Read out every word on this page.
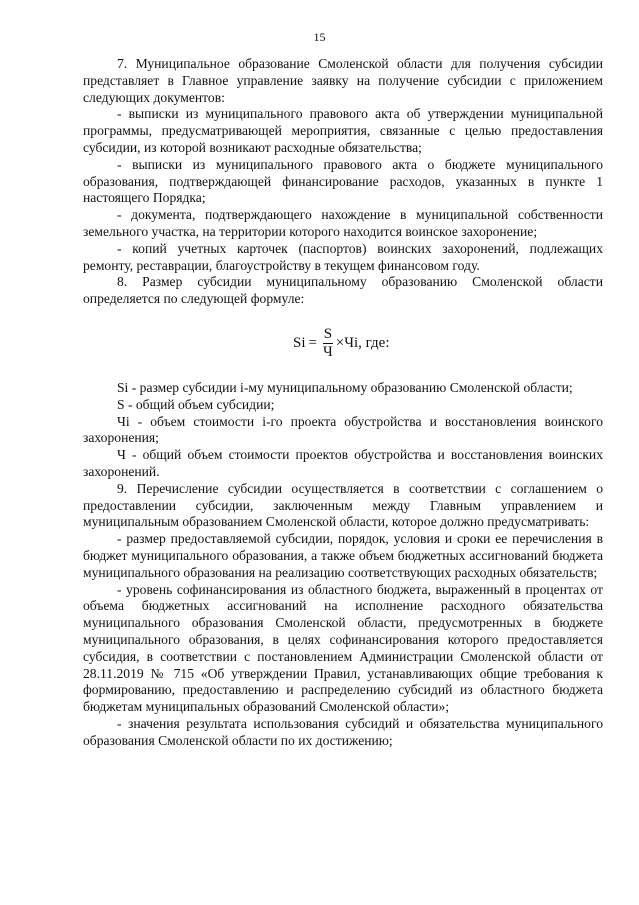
15

7. Муниципальное образование Смоленской области для получения субсидии представляет в Главное управление заявку на получение субсидии с приложением следующих документов:

- выписки из муниципального правового акта об утверждении муниципальной программы, предусматривающей мероприятия, связанные с целью предоставления субсидии, из которой возникают расходные обязательства;

- выписки из муниципального правового акта о бюджете муниципального образования, подтверждающей финансирование расходов, указанных в пункте 1 настоящего Порядка;

- документа, подтверждающего нахождение в муниципальной собственности земельного участка, на территории которого находится воинское захоронение;

- копий учетных карточек (паспортов) воинских захоронений, подлежащих ремонту, реставрации, благоустройству в текущем финансовом году.

8. Размер субсидии муниципальному образованию Смоленской области определяется по следующей формуле:

$Si = \frac{S}{Ч}$ × Чi, где:

Si - размер субсидии i-му муниципальному образованию Смоленской области;

S - общий объем субсидии;

Чi - объем стоимости i-го проекта обустройства и восстановления воинского захоронения;

Ч - общий объем стоимости проектов обустройства и восстановления воинских захоронений.

9. Перечисление субсидии осуществляется в соответствии с соглашением о предоставлении субсидии, заключенным между Главным управлением и муниципальным образованием Смоленской области, которое должно предусматривать:

- размер предоставляемой субсидии, порядок, условия и сроки ее перечисления в бюджет муниципального образования, а также объем бюджетных ассигнований бюджета муниципального образования на реализацию соответствующих расходных обязательств;

- уровень софинансирования из областного бюджета, выраженный в процентах от объема бюджетных ассигнований на исполнение расходного обязательства муниципального образования Смоленской области, предусмотренных в бюджете муниципального образования, в целях софинансирования которого предоставляется субсидия, в соответствии с постановлением Администрации Смоленской области от 28.11.2019 № 715 «Об утверждении Правил, устанавливающих общие требования к формированию, предоставлению и распределению субсидий из областного бюджета бюджетам муниципальных образований Смоленской области»;

- значения результата использования субсидий и обязательства муниципального образования Смоленской области по их достижению;
